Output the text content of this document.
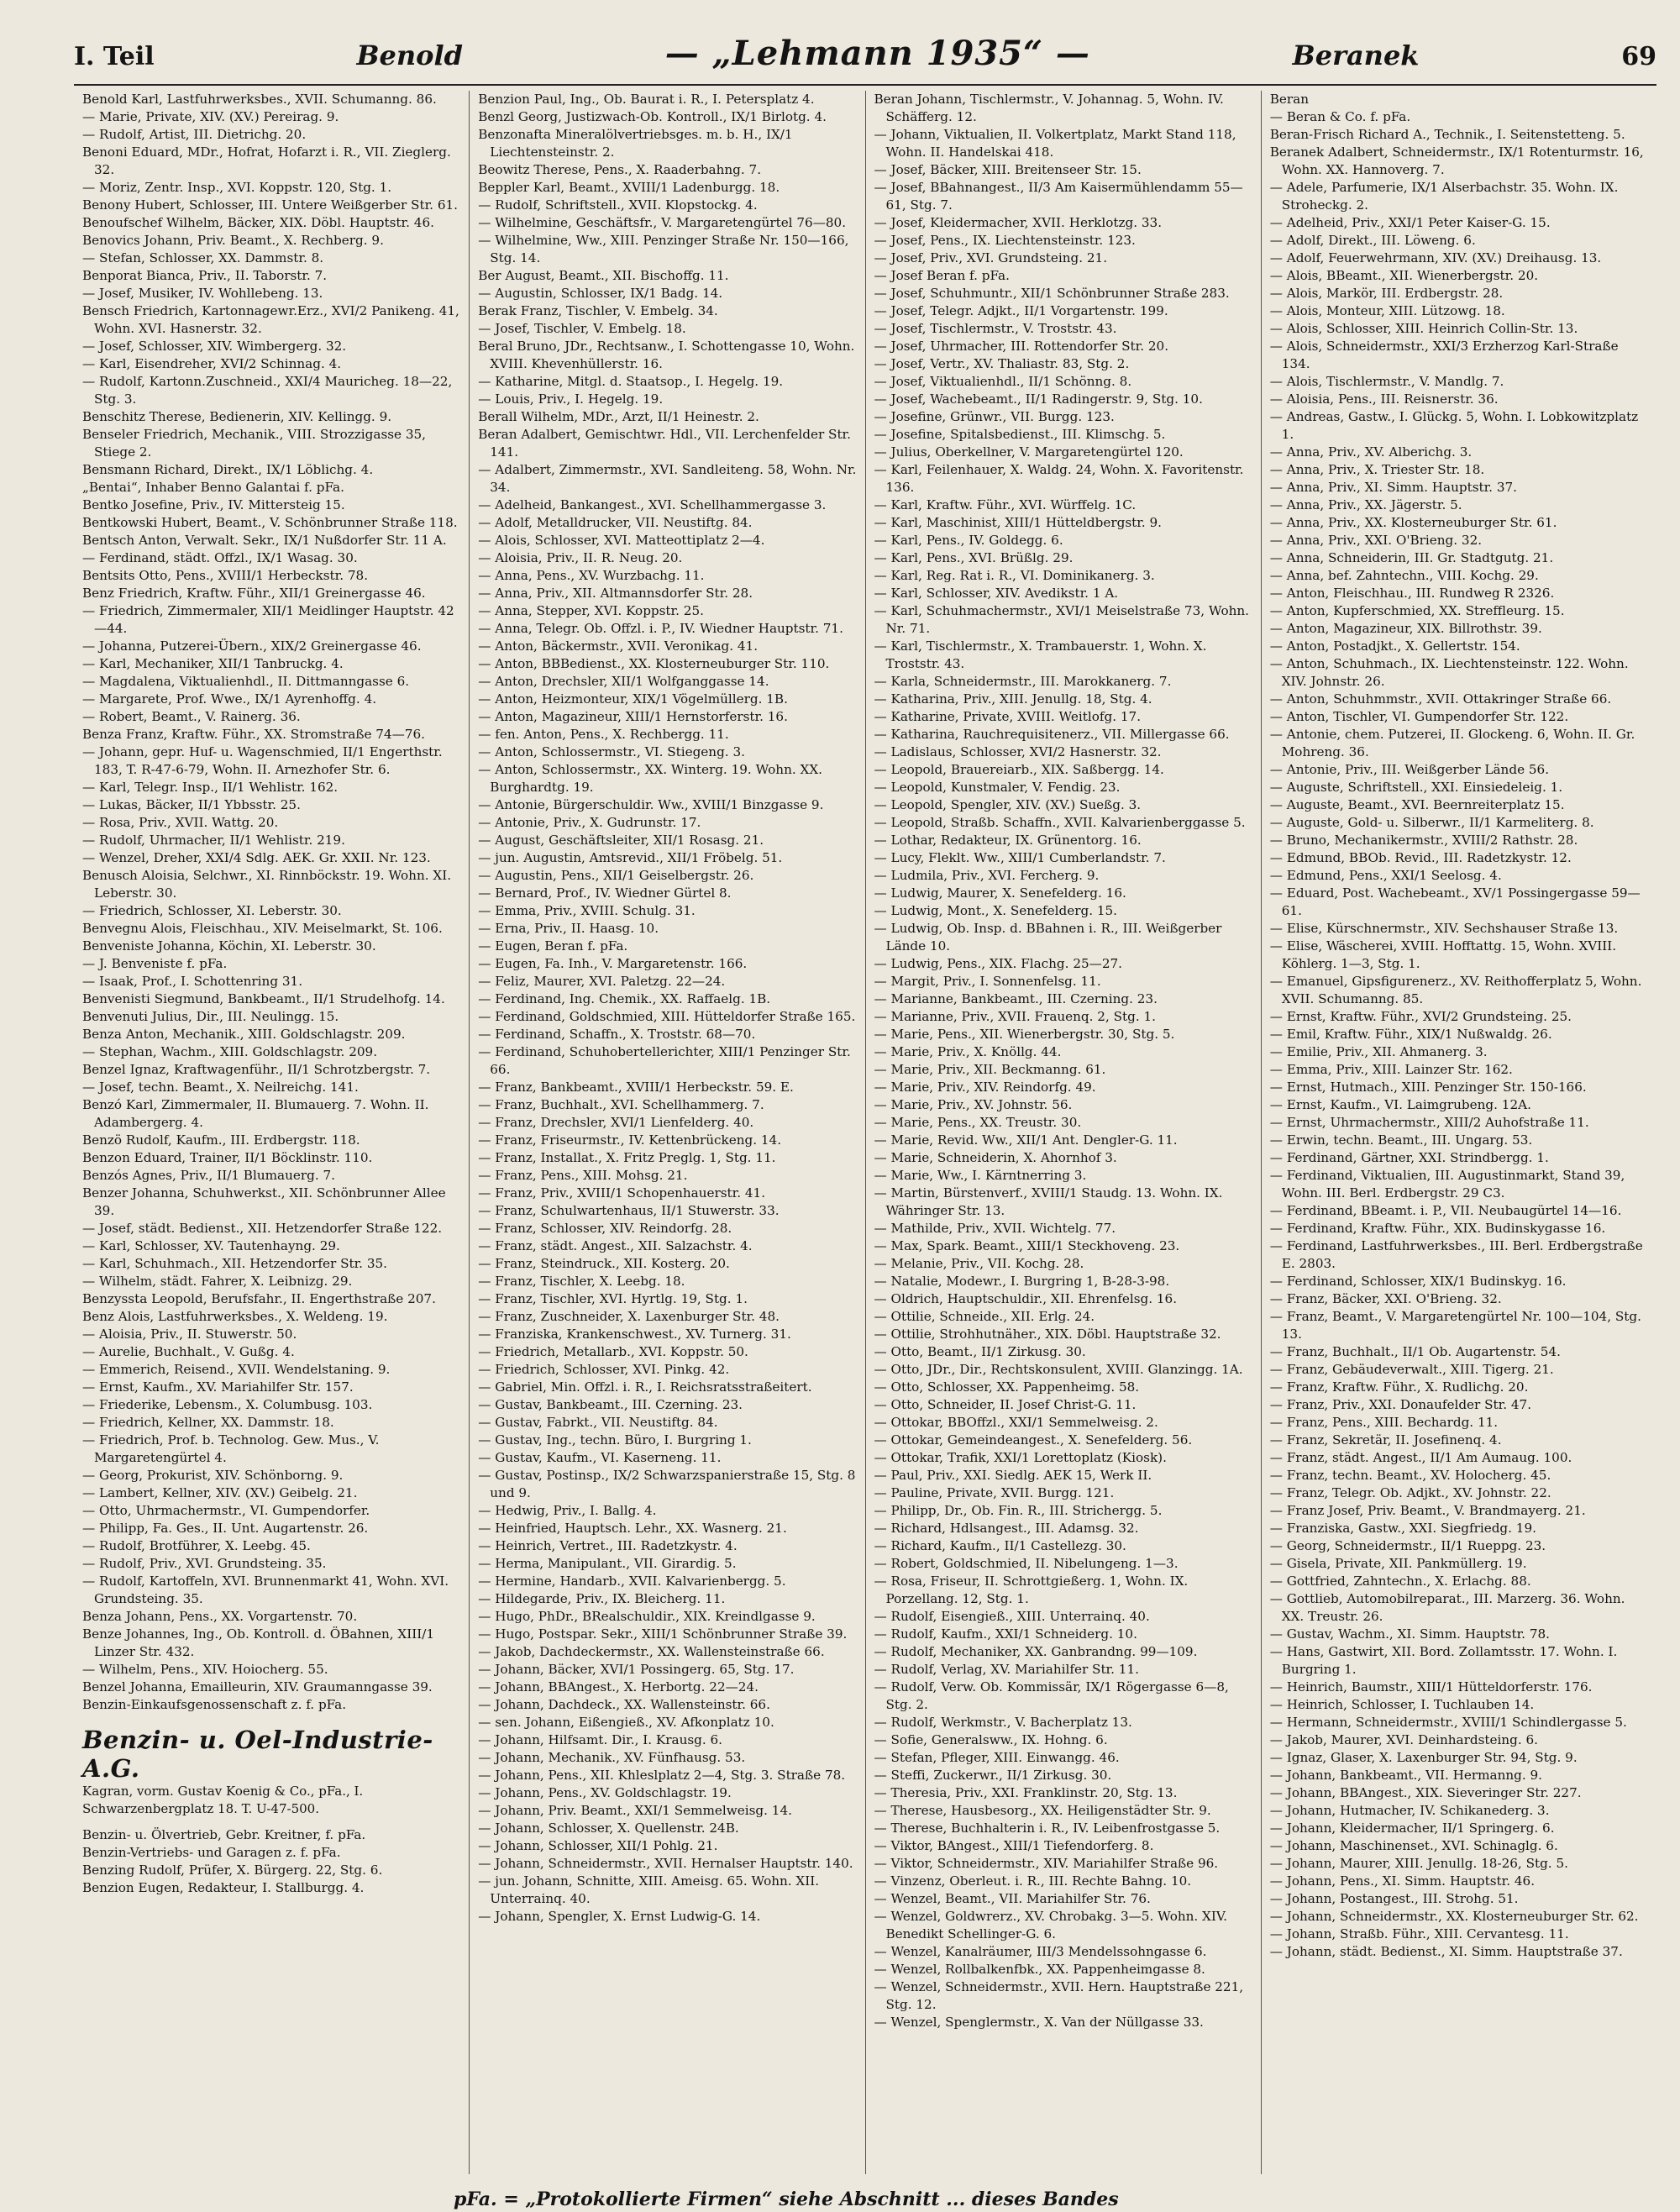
I. Teil	Benold	— „Lehmann 1935“ —	Beranek	69

Benold Karl, Lastfuhrwerksbes., XVII. Schumanng. 86.

— Marie, Private, XIV. (XV.) Pereirag. 9.

— Rudolf, Artist, III. Dietrichg. 20.

Benoni Eduard, MDr., Hofrat, Hofarzt i. R., VII. Zieglerg. 32.

— Moriz, Zentr. Insp., XVI. Koppstr. 120, Stg. 1.

Benony Hubert, Schlosser, III. Untere Weißgerber Str. 61.

Benoufschef Wilhelm, Bäcker, XIX. Döbl. Hauptstr. 46.

Benovics Johann, Priv. Beamt., X. Rechberg. 9.

— Stefan, Schlosser, XX. Dammstr. 8.

Benporat Bianca, Priv., II. Taborstr. 7.

— Josef, Musiker, IV. Wohllebeng. 13.

Bensch Friedrich, Kartonnagewr.Erz., XVI/2 Panikeng. 41, Wohn. XVI. Hasnerstr. 32.

— Josef, Schlosser, XIV. Wimbergerg. 32.

— Karl, Eisendreher, XVI/2 Schinnag. 4.

— Rudolf, Kartonn.Zuschneid., XXI/4 Mauricheg. 18—22, Stg. 3.

Benschitz Therese, Bedienerin, XIV. Kellingg. 9.

Benseler Friedrich, Mechanik., VIII. Strozzigasse 35, Stiege 2.

Bensmann Richard, Direkt., IX/1 Löblichg. 4.

„Bentai“, Inhaber Benno Galantai f. pFa.

Bentko Josefine, Priv., IV. Mittersteig 15.

Bentkowski Hubert, Beamt., V. Schönbrunner Straße 118.

Bentsch Anton, Verwalt. Sekr., IX/1 Nußdorfer Str. 11 A.

— Ferdinand, städt. Offzl., IX/1 Wasag. 30.

Bentsits Otto, Pens., XVIII/1 Herbeckstr. 78.

Benz Friedrich, Kraftw. Führ., XII/1 Greinergasse 46.

— Friedrich, Zimmermaler, XII/1 Meidlinger Hauptstr. 42—44.

— Johanna, Putzerei-Übern., XIX/2 Greinergasse 46.

— Karl, Mechaniker, XII/1 Tanbruckg. 4.

— Magdalena, Viktualienhdl., II. Dittmanngasse 6.

— Margarete, Prof. Wwe., IX/1 Ayrenhoffg. 4.

— Robert, Beamt., V. Rainerg. 36.

Benza Franz, Kraftw. Führ., XX. Stromstraße 74—76.

— Johann, gepr. Huf- u. Wagenschmied, II/1 Engerthstr. 183, T. R-47-6-79, Wohn. II. Arnezhofer Str. 6.

— Karl, Telegr. Insp., II/1 Wehlistr. 162.

— Lukas, Bäcker, II/1 Ybbsstr. 25.

— Rosa, Priv., XVII. Wattg. 20.

— Rudolf, Uhrmacher, II/1 Wehlistr. 219.

— Wenzel, Dreher, XXI/4 Sdlg. AEK. Gr. XXII. Nr. 123.

Benusch Aloisia, Selchwr., XI. Rinnböckstr. 19. Wohn. XI. Leberstr. 30.

— Friedrich, Schlosser, XI. Leberstr. 30.

Benvegnu Alois, Fleischhau., XIV. Meiselmarkt, St. 106.

Benveniste Johanna, Köchin, XI. Leberstr. 30.

— J. Benveniste f. pFa.

— Isaak, Prof., I. Schottenring 31.

Benvenisti Siegmund, Bankbeamt., II/1 Strudelhofg. 14.

Benvenuti Julius, Dir., III. Neulingg. 15.

Benza Anton, Mechanik., XIII. Goldschlagstr. 209.

— Stephan, Wachm., XIII. Goldschlagstr. 209.

Benzel Ignaz, Kraftwagenführ., II/1 Schrotzbergstr. 7.

— Josef, techn. Beamt., X. Neilreichg. 141.

Benzó Karl, Zimmermaler, II. Blumauerg. 7. Wohn. II. Adambergerg. 4.

Benzö Rudolf, Kaufm., III. Erdbergstr. 118.

Benzon Eduard, Trainer, II/1 Böcklinstr. 110.

Benzós Agnes, Priv., II/1 Blumauerg. 7.

Benzer Johanna, Schuhwerkst., XII. Schönbrunner Allee 39.

— Josef, städt. Bedienst., XII. Hetzendorfer Straße 122.

— Karl, Schlosser, XV. Tautenhayng. 29.

— Karl, Schuhmach., XII. Hetzendorfer Str. 35.

— Wilhelm, städt. Fahrer, X. Leibnizg. 29.

Benzyssta Leopold, Berufsfahr., II. Engerthstraße 207.

Benz Alois, Lastfuhrwerksbes., X. Weldeng. 19.

— Aloisia, Priv., II. Stuwerstr. 50.

— Aurelie, Buchhalt., V. Gußg. 4.

— Emmerich, Reisend., XVII. Wendelstaning. 9.

— Ernst, Kaufm., XV. Mariahilfer Str. 157.

— Friederike, Lebensm., X. Columbusg. 103.

— Friedrich, Kellner, XX. Dammstr. 18.

— Friedrich, Prof. b. Technolog. Gew. Mus., V. Margaretengürtel 4.

— Georg, Prokurist, XIV. Schönborng. 9.

— Lambert, Kellner, XIV. (XV.) Geibelg. 21.

— Otto, Uhrmachermstr., VI. Gumpendorfer.

— Philipp, Fa. Ges., II. Unt. Augartenstr. 26.

— Rudolf, Brotführer, X. Leebg. 45.

— Rudolf, Priv., XVI. Grundsteing. 35.

— Rudolf, Kartoffeln, XVI. Brunnenmarkt 41, Wohn. XVI. Grundsteing. 35.

Benza Johann, Pens., XX. Vorgartenstr. 70.

Benze Johannes, Ing., Ob. Kontroll. d. ÖBahnen, XIII/1 Linzer Str. 432.

— Wilhelm, Pens., XIV. Hoiocherg. 55.

Benzel Johanna, Emailleurin, XIV. Graumanngasse 39.

Benzin-Einkaufsgenossenschaft z. f. pFa.

Benzin- u. Oel-Industrie-A.G.
Kagran, vorm. Gustav Koenig & Co., pFa., I. Schwarzenbergplatz 18. T. U-47-500.

Benzin- u. Ölvertrieb, Gebr. Kreitner, f. pFa.

Benzin-Vertriebs- und Garagen z. f. pFa.

Benzing Rudolf, Prüfer, X. Bürgerg. 22, Stg. 6.

Benzion Eugen, Redakteur, I. Stallburgg. 4.

Benzion Paul, Ing., Ob. Baurat i. R., I. Petersplatz 4.

Benzl Georg, Justizwach-Ob. Kontroll., IX/1 Birlotg. 4.

Benzonafta Mineralölvertriebsges. m. b. H., IX/1 Liechtensteinstr. 2.

Beowitz Therese, Pens., X. Raaderbahng. 7.

Beppler Karl, Beamt., XVIII/1 Ladenburgg. 18.

— Rudolf, Schriftstell., XVII. Klopstockg. 4.

— Wilhelmine, Geschäftsfr., V. Margaretengürtel 76—80.

— Wilhelmine, Ww., XIII. Penzinger Straße Nr. 150—166, Stg. 14.

Ber August, Beamt., XII. Bischoffg. 11.

— Augustin, Schlosser, IX/1 Badg. 14.

Berak Franz, Tischler, V. Embelg. 34.

— Josef, Tischler, V. Embelg. 18.

Beral Bruno, JDr., Rechtsanw., I. Schottengasse 10, Wohn. XVIII. Khevenhüllerstr. 16.

— Katharine, Mitgl. d. Staatsop., I. Hegelg. 19.

— Louis, Priv., I. Hegelg. 19.

Berall Wilhelm, MDr., Arzt, II/1 Heinestr. 2.

Beran Adalbert, Gemischtwr. Hdl., VII. Lerchenfelder Str. 141.

— Adalbert, Zimmermstr., XVI. Sandleiteng. 58, Wohn. Nr. 34.

— Adelheid, Bankangest., XVI. Schellhammergasse 3.

— Adolf, Metalldrucker, VII. Neustiftg. 84.

— Alois, Schlosser, XVI. Matteottiplatz 2—4.

— Aloisia, Priv., II. R. Neug. 20.

— Anna, Pens., XV. Wurzbachg. 11.

— Anna, Priv., XII. Altmannsdorfer Str. 28.

— Anna, Stepper, XVI. Koppstr. 25.

— Anna, Telegr. Ob. Offzl. i. P., IV. Wiedner Hauptstr. 71.

— Anton, Bäckermstr., XVII. Veronikag. 41.

— Anton, BBBedienst., XX. Klosterneuburger Str. 110.

— Anton, Drechsler, XII/1 Wolfganggasse 14.

— Anton, Heizmonteur, XIX/1 Vögelmüllerg. 1B.

— Anton, Magazineur, XIII/1 Hernstorferstr. 16.

— fen. Anton, Pens., X. Rechbergg. 11.

— Anton, Schlossermstr., VI. Stiegeng. 3.

— Anton, Schlossermstr., XX. Winterg. 19. Wohn. XX. Burghardtg. 19.

— Antonie, Bürgerschuldir. Ww., XVIII/1 Binzgasse 9.

— Antonie, Priv., X. Gudrunstr. 17.

— August, Geschäftsleiter, XII/1 Rosasg. 21.

— jun. Augustin, Amtsrevid., XII/1 Fröbelg. 51.

— Augustin, Pens., XII/1 Geiselbergstr. 26.

— Bernard, Prof., IV. Wiedner Gürtel 8.

— Emma, Priv., XVIII. Schulg. 31.

— Erna, Priv., II. Haasg. 10.

— Eugen, Beran f. pFa.

— Eugen, Fa. Inh., V. Margaretenstr. 166.

— Feliz, Maurer, XVI. Paletzg. 22—24.

— Ferdinand, Ing. Chemik., XX. Raffaelg. 1B.

— Ferdinand, Goldschmied, XIII. Hütteldorfer Straße 165.

— Ferdinand, Schaffn., X. Troststr. 68—70.

— Ferdinand, Schuhobertellerichter, XIII/1 Penzinger Str. 66.

— Franz, Bankbeamt., XVIII/1 Herbeckstr. 59. E.

— Franz, Buchhalt., XVI. Schellhammerg. 7.

— Franz, Drechsler, XVI/1 Lienfelderg. 40.

— Franz, Friseurmstr., IV. Kettenbrückeng. 14.

— Franz, Installat., X. Fritz Preglg. 1, Stg. 11.

— Franz, Pens., XIII. Mohsg. 21.

— Franz, Priv., XVIII/1 Schopenhauerstr. 41.

— Franz, Schulwartenhaus, II/1 Stuwerstr. 33.

— Franz, Schlosser, XIV. Reindorfg. 28.

— Franz, städt. Angest., XII. Salzachstr. 4.

— Franz, Steindruck., XII. Kosterg. 20.

— Franz, Tischler, X. Leebg. 18.

— Franz, Tischler, XVI. Hyrtlg. 19, Stg. 1.

— Franz, Zuschneider, X. Laxenburger Str. 48.

— Franziska, Krankenschwest., XV. Turnerg. 31.

— Friedrich, Metallarb., XVI. Koppstr. 50.

— Friedrich, Schlosser, XVI. Pinkg. 42.

— Gabriel, Min. Offzl. i. R., I. Reichsratsstraßeitert.

— Gustav, Bankbeamt., III. Czerning. 23.

— Gustav, Fabrkt., VII. Neustiftg. 84.

— Gustav, Ing., techn. Büro, I. Burgring 1.

— Gustav, Kaufm., VI. Kaserneng. 11.

— Gustav, Postinsp., IX/2 Schwarzspanierstraße 15, Stg. 8 und 9.

— Hedwig, Priv., I. Ballg. 4.

— Heinfried, Hauptsch. Lehr., XX. Wasnerg. 21.

— Heinrich, Vertret., III. Radetzkystr. 4.

— Herma, Manipulant., VII. Girardig. 5.

— Hermine, Handarb., XVII. Kalvarienbergg. 5.

— Hildegarde, Priv., IX. Bleicherg. 11.

— Hugo, PhDr., BRealschuldir., XIX. Kreindlgasse 9.

— Hugo, Postspar. Sekr., XIII/1 Schönbrunner Straße 39.

— Jakob, Dachdeckermstr., XX. Wallensteinstraße 66.

— Johann, Bäcker, XVI/1 Possingerg. 65, Stg. 17.

— Johann, BBAngest., X. Herbortg. 22—24.

— Johann, Dachdeck., XX. Wallensteinstr. 66.

— sen. Johann, Eißengieß., XV. Afkonplatz 10.

— Johann, Hilfsamt. Dir., I. Krausg. 6.

— Johann, Mechanik., XV. Fünfhausg. 53.

— Johann, Pens., XII. Khleslplatz 2—4, Stg. 3. Straße 78.

— Johann, Pens., XV. Goldschlagstr. 19.

— Johann, Priv. Beamt., XXI/1 Semmelweisg. 14.

— Johann, Schlosser, X. Quellenstr. 24B.

— Johann, Schlosser, XII/1 Pohlg. 21.

— Johann, Schneidermstr., XVII. Hernalser Hauptstr. 140.

— jun. Johann, Schnitte, XIII. Ameisg. 65. Wohn. XII. Unterrainq. 40.

— Johann, Spengler, X. Ernst Ludwig-G. 14.

Beran Johann, Tischlermstr., V. Johannag. 5, Wohn. IV. Schäfferg. 12.

— Johann, Viktualien, II. Volkertplatz, Markt Stand 118, Wohn. II. Handelskai 418.

— Josef, Bäcker, XIII. Breitenseer Str. 15.

— Josef, BBahnangest., II/3 Am Kaisermühlendamm 55—61, Stg. 7.

— Josef, Kleidermacher, XVII. Herklotzg. 33.

— Josef, Pens., IX. Liechtensteinstr. 123.

— Josef, Priv., XVI. Grundsteing. 21.

— Josef Beran f. pFa.

— Josef, Schuhmuntr., XII/1 Schönbrunner Straße 283.

— Josef, Telegr. Adjkt., II/1 Vorgartenstr. 199.

— Josef, Tischlermstr., V. Troststr. 43.

— Josef, Uhrmacher, III. Rottendorfer Str. 20.

— Josef, Vertr., XV. Thaliastr. 83, Stg. 2.

— Josef, Viktualienhdl., II/1 Schönng. 8.

— Josef, Wachebeamt., II/1 Radingerstr. 9, Stg. 10.

— Josefine, Grünwr., VII. Burgg. 123.

— Josefine, Spitalsbedienst., III. Klimschg. 5.

— Julius, Oberkellner, V. Margaretengürtel 120.

— Karl, Feilenhauer, X. Waldg. 24, Wohn. X. Favoritenstr. 136.

— Karl, Kraftw. Führ., XVI. Würffelg. 1C.

— Karl, Maschinist, XIII/1 Hütteldbergstr. 9.

— Karl, Pens., IV. Goldegg. 6.

— Karl, Pens., XVI. Brüßlg. 29.

— Karl, Reg. Rat i. R., VI. Dominikanerg. 3.

— Karl, Schlosser, XIV. Avedikstr. 1 A.

— Karl, Schuhmachermstr., XVI/1 Meiselstraße 73, Wohn. Nr. 71.

— Karl, Tischlermstr., X. Trambauerstr. 1, Wohn. X. Troststr. 43.

— Karla, Schneidermstr., III. Marokkanerg. 7.

— Katharina, Priv., XIII. Jenullg. 18, Stg. 4.

— Katharine, Private, XVIII. Weitlofg. 17.

— Katharina, Rauchrequisitenerz., VII. Millergasse 66.

— Ladislaus, Schlosser, XVI/2 Hasnerstr. 32.

— Leopold, Brauereiarb., XIX. Saßbergg. 14.

— Leopold, Kunstmaler, V. Fendig. 23.

— Leopold, Spengler, XIV. (XV.) Sueßg. 3.

— Leopold, Straßb. Schaffn., XVII. Kalvarienberggasse 5.

— Lothar, Redakteur, IX. Grünentorg. 16.

— Lucy, Fleklt. Ww., XIII/1 Cumberlandstr. 7.

— Ludmila, Priv., XVI. Fercherg. 9.

— Ludwig, Maurer, X. Senefelderg. 16.

— Ludwig, Mont., X. Senefelderg. 15.

— Ludwig, Ob. Insp. d. BBahnen i. R., III. Weißgerber Lände 10.

— Ludwig, Pens., XIX. Flachg. 25—27.

— Margit, Priv., I. Sonnenfelsg. 11.

— Marianne, Bankbeamt., III. Czerning. 23.

— Marianne, Priv., XVII. Frauenq. 2, Stg. 1.

— Marie, Pens., XII. Wienerbergstr. 30, Stg. 5.

— Marie, Priv., X. Knöllg. 44.

— Marie, Priv., XII. Beckmanng. 61.

— Marie, Priv., XIV. Reindorfg. 49.

— Marie, Priv., XV. Johnstr. 56.

— Marie, Pens., XX. Treustr. 30.

— Marie, Revid. Ww., XII/1 Ant. Dengler-G. 11.

— Marie, Schneiderin, X. Ahornhof 3.

— Marie, Ww., I. Kärntnerring 3.

— Martin, Bürstenverf., XVIII/1 Staudg. 13. Wohn. IX. Währinger Str. 13.

— Mathilde, Priv., XVII. Wichtelg. 77.

— Max, Spark. Beamt., XIII/1 Steckhoveng. 23.

— Melanie, Priv., VII. Kochg. 28.

— Natalie, Modewr., I. Burgring 1, B-28-3-98.

— Oldrich, Hauptschuldir., XII. Ehrenfelsg. 16.

— Ottilie, Schneide., XII. Erlg. 24.

— Ottilie, Strohhutnäher., XIX. Döbl. Hauptstraße 32.

— Otto, Beamt., II/1 Zirkusg. 30.

— Otto, JDr., Dir., Rechtskonsulent, XVIII. Glanzingg. 1A.

— Otto, Schlosser, XX. Pappenheimg. 58.

— Otto, Schneider, II. Josef Christ-G. 11.

— Ottokar, BBOffzl., XXI/1 Semmelweisg. 2.

— Ottokar, Gemeindeangest., X. Senefelderg. 56.

— Ottokar, Trafik, XXI/1 Lorettoplatz (Kiosk).

— Paul, Priv., XXI. Siedlg. AEK 15, Werk II.

— Pauline, Private, XVII. Burgg. 121.

— Philipp, Dr., Ob. Fin. R., III. Strichergg. 5.

— Richard, Hdlsangest., III. Adamsg. 32.

— Richard, Kaufm., II/1 Castellezg. 30.

— Robert, Goldschmied, II. Nibelungeng. 1—3.

— Rosa, Friseur, II. Schrottgießerg. 1, Wohn. IX. Porzellang. 12, Stg. 1.

— Rudolf, Eisengieß., XIII. Unterrainq. 40.

— Rudolf, Kaufm., XXI/1 Schneiderg. 10.

— Rudolf, Mechaniker, XX. Ganbrandng. 99—109.

— Rudolf, Verlag, XV. Mariahilfer Str. 11.

— Rudolf, Verw. Ob. Kommissär, IX/1 Rögergasse 6—8, Stg. 2.

— Rudolf, Werkmstr., V. Bacherplatz 13.

— Sofie, Generalsww., IX. Hohng. 6.

— Stefan, Pfleger, XIII. Einwangg. 46.

— Steffi, Zuckerwr., II/1 Zirkusg. 30.

— Theresia, Priv., XXI. Franklinstr. 20, Stg. 13.

— Therese, Hausbesorg., XX. Heiligenstädter Str. 9.

— Therese, Buchhalterin i. R., IV. Leibenfrostgasse 5.

— Viktor, BAngest., XIII/1 Tiefendorferg. 8.

— Viktor, Schneidermstr., XIV. Mariahilfer Straße 96.

— Vinzenz, Oberleut. i. R., III. Rechte Bahng. 10.

— Wenzel, Beamt., VII. Mariahilfer Str. 76.

— Wenzel, Goldwrerz., XV. Chrobakg. 3—5. Wohn. XIV. Benedikt Schellinger-G. 6.

— Wenzel, Kanalräumer, III/3 Mendelssohngasse 6.

— Wenzel, Rollbalkenfbk., XX. Pappenheimgasse 8.

— Wenzel, Schneidermstr., XVII. Hern. Hauptstraße 221, Stg. 12.

— Wenzel, Spenglermstr., X. Van der Nüllgasse 33.

Beran

— Beran & Co. f. pFa.

Beran-Frisch Richard A., Technik., I. Seitenstetteng. 5.

Beranek Adalbert, Schneidermstr., IX/1 Rotenturmstr. 16, Wohn. XX. Hannoverg. 7.

— Adele, Parfumerie, IX/1 Alserbachstr. 35. Wohn. IX. Stroheckg. 2.

— Adelheid, Priv., XXI/1 Peter Kaiser-G. 15.

— Adolf, Direkt., III. Löweng. 6.

— Adolf, Feuerwehrmann, XIV. (XV.) Dreihausg. 13.

— Alois, BBeamt., XII. Wienerbergstr. 20.

— Alois, Markör, III. Erdbergstr. 28.

— Alois, Monteur, XIII. Lützowg. 18.

— Alois, Schlosser, XIII. Heinrich Collin-Str. 13.

— Alois, Schneidermstr., XXI/3 Erzherzog Karl-Straße 134.

— Alois, Tischlermstr., V. Mandlg. 7.

— Aloisia, Pens., III. Reisnerstr. 36.

— Andreas, Gastw., I. Glückg. 5, Wohn. I. Lobkowitzplatz 1.

— Anna, Priv., XV. Alberichg. 3.

— Anna, Priv., X. Triester Str. 18.

— Anna, Priv., XI. Simm. Hauptstr. 37.

— Anna, Priv., XX. Jägerstr. 5.

— Anna, Priv., XX. Klosterneuburger Str. 61.

— Anna, Priv., XXI. O'Brieng. 32.

— Anna, Schneiderin, III. Gr. Stadtgutg. 21.

— Anna, bef. Zahntechn., VIII. Kochg. 29.

— Anton, Fleischhau., III. Rundweg R 2326.

— Anton, Kupferschmied, XX. Streffleurg. 15.

— Anton, Magazineur, XIX. Billrothstr. 39.

— Anton, Postadjkt., X. Gellertstr. 154.

— Anton, Schuhmach., IX. Liechtensteinstr. 122. Wohn. XIV. Johnstr. 26.

— Anton, Schuhmmstr., XVII. Ottakringer Straße 66.

— Anton, Tischler, VI. Gumpendorfer Str. 122.

— Antonie, chem. Putzerei, II. Glockeng. 6, Wohn. II. Gr. Mohreng. 36.

— Antonie, Priv., III. Weißgerber Lände 56.

— Auguste, Schriftstell., XXI. Einsiedeleig. 1.

— Auguste, Beamt., XVI. Beernreiterplatz 15.

— Auguste, Gold- u. Silberwr., II/1 Karmeliterg. 8.

— Bruno, Mechanikermstr., XVIII/2 Rathstr. 28.

— Edmund, BBOb. Revid., III. Radetzkystr. 12.

— Edmund, Pens., XXI/1 Seelosg. 4.

— Eduard, Post. Wachebeamt., XV/1 Possingergasse 59—61.

— Elise, Kürschnermstr., XIV. Sechshauser Straße 13.

— Elise, Wäscherei, XVIII. Hofftattg. 15, Wohn. XVIII. Köhlerg. 1—3, Stg. 1.

— Emanuel, Gipsfigurenerz., XV. Reithofferplatz 5, Wohn. XVII. Schumanng. 85.

— Ernst, Kraftw. Führ., XVI/2 Grundsteing. 25.

— Emil, Kraftw. Führ., XIX/1 Nußwaldg. 26.

— Emilie, Priv., XII. Ahmanerg. 3.

— Emma, Priv., XIII. Lainzer Str. 162.

— Ernst, Hutmach., XIII. Penzinger Str. 150-166.

— Ernst, Kaufm., VI. Laimgrubeng. 12A.

— Ernst, Uhrmachermstr., XIII/2 Auhofstraße 11.

— Erwin, techn. Beamt., III. Ungarg. 53.

— Ferdinand, Gärtner, XXI. Strindbergg. 1.

— Ferdinand, Viktualien, III. Augustinmarkt, Stand 39, Wohn. III. Berl. Erdbergstr. 29 C3.

— Ferdinand, BBeamt. i. P., VII. Neubaugürtel 14—16.

— Ferdinand, Kraftw. Führ., XIX. Budinskygasse 16.

— Ferdinand, Lastfuhrwerksbes., III. Berl. Erdbergstraße E. 2803.

— Ferdinand, Schlosser, XIX/1 Budinskyg. 16.

— Franz, Bäcker, XXI. O'Brieng. 32.

— Franz, Beamt., V. Margaretengürtel Nr. 100—104, Stg. 13.

— Franz, Buchhalt., II/1 Ob. Augartenstr. 54.

— Franz, Gebäudeverwalt., XIII. Tigerg. 21.

— Franz, Kraftw. Führ., X. Rudlichg. 20.

— Franz, Priv., XXI. Donaufelder Str. 47.

— Franz, Pens., XIII. Bechardg. 11.

— Franz, Sekretär, II. Josefinenq. 4.

— Franz, städt. Angest., II/1 Am Aumaug. 100.

— Franz, techn. Beamt., XV. Holocherg. 45.

— Franz, Telegr. Ob. Adjkt., XV. Johnstr. 22.

— Franz Josef, Priv. Beamt., V. Brandmayerg. 21.

— Franziska, Gastw., XXI. Siegfriedg. 19.

— Georg, Schneidermstr., II/1 Rueppg. 23.

— Gisela, Private, XII. Pankmüllerg. 19.

— Gottfried, Zahntechn., X. Erlachg. 88.

— Gottlieb, Automobilreparat., III. Marzerg. 36. Wohn. XX. Treustr. 26.

— Gustav, Wachm., XI. Simm. Hauptstr. 78.

— Hans, Gastwirt, XII. Bord. Zollamtsstr. 17. Wohn. I. Burgring 1.

— Heinrich, Baumstr., XIII/1 Hütteldorferstr. 176.

— Heinrich, Schlosser, I. Tuchlauben 14.

— Hermann, Schneidermstr., XVIII/1 Schindlergasse 5.

— Jakob, Maurer, XVI. Deinhardsteing. 6.

— Ignaz, Glaser, X. Laxenburger Str. 94, Stg. 9.

— Johann, Bankbeamt., VII. Hermanng. 9.

— Johann, BBAngest., XIX. Sieveringer Str. 227.

— Johann, Hutmacher, IV. Schikanederg. 3.

— Johann, Kleidermacher, II/1 Springerg. 6.

— Johann, Maschinenset., XVI. Schinaglg. 6.

— Johann, Maurer, XIII. Jenullg. 18-26, Stg. 5.

— Johann, Pens., XI. Simm. Hauptstr. 46.

— Johann, Postangest., III. Strohg. 51.

— Johann, Schneidermstr., XX. Klosterneuburger Str. 62.

— Johann, Straßb. Führ., XIII. Cervantesg. 11.

— Johann, städt. Bedienst., XI. Simm. Hauptstraße 37.

pFa. = „Protokollierte Firmen“ siehe Abschnitt ... dieses Bandes
